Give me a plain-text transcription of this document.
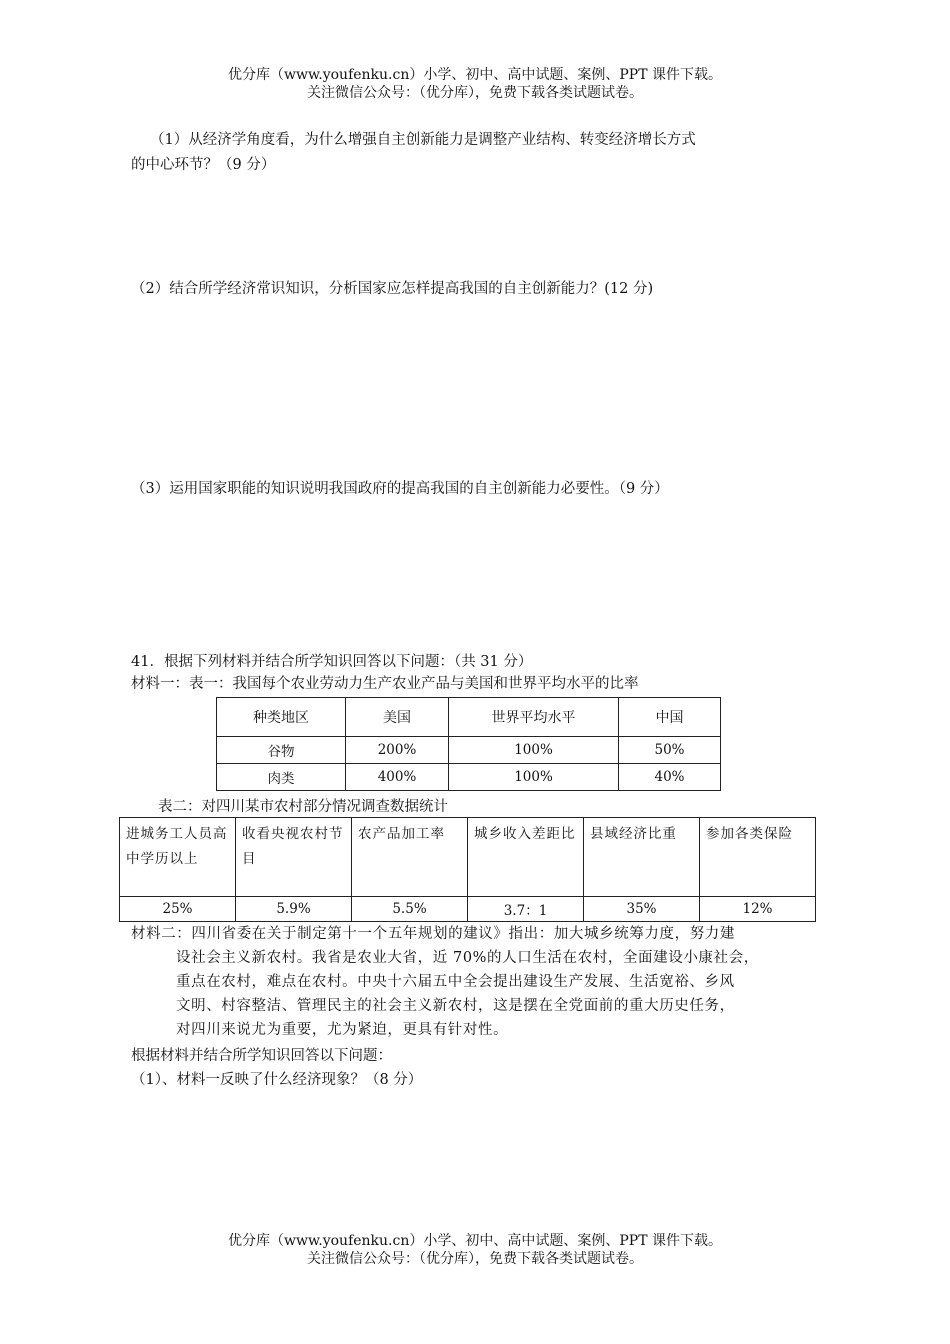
优分库（www.youfenku.cn）小学、初中、高中试题、案例、PPT 课件下载。
关注微信公众号：（优分库），免费下载各类试题试卷。
（1）从经济学角度看，为什么增强自主创新能力是调整产业结构、转变经济增长方式
的中心环节？（9 分）
（2）结合所学经济常识知识，分析国家应怎样提高我国的自主创新能力？(12 分)
（3）运用国家职能的知识说明我国政府的提高我国的自主创新能力必要性。（9 分）
41．根据下列材料并结合所学知识回答以下问题：（共 31 分）
材料一：表一：我国每个农业劳动力生产农业产品与美国和世界平均水平的比率
种类地区	美国	世界平均水平	中国
谷物	200%	100%	50%
肉类	400%	100%	40%
表二：对四川某市农村部分情况调查数据统计
进城务工人员高中学历以上	收看央视农村节目	农产品加工率	城乡收入差距比	县域经济比重	参加各类保险
25%	5.9%	5.5%	3.7：1	35%	12%
材料二：四川省委在关于制定第十一个五年规划的建议》指出：加大城乡统筹力度，努力建
设社会主义新农村。我省是农业大省，近 70%的人口生活在农村，全面建设小康社会，
重点在农村，难点在农村。中央十六届五中全会提出建设生产发展、生活宽裕、乡风
文明、村容整洁、管理民主的社会主义新农村，这是摆在全党面前的重大历史任务，
对四川来说尤为重要，尤为紧迫，更具有针对性。
根据材料并结合所学知识回答以下问题：
（1）、材料一反映了什么经济现象？（8 分）
优分库（www.youfenku.cn）小学、初中、高中试题、案例、PPT 课件下载。
关注微信公众号：（优分库），免费下载各类试题试卷。
